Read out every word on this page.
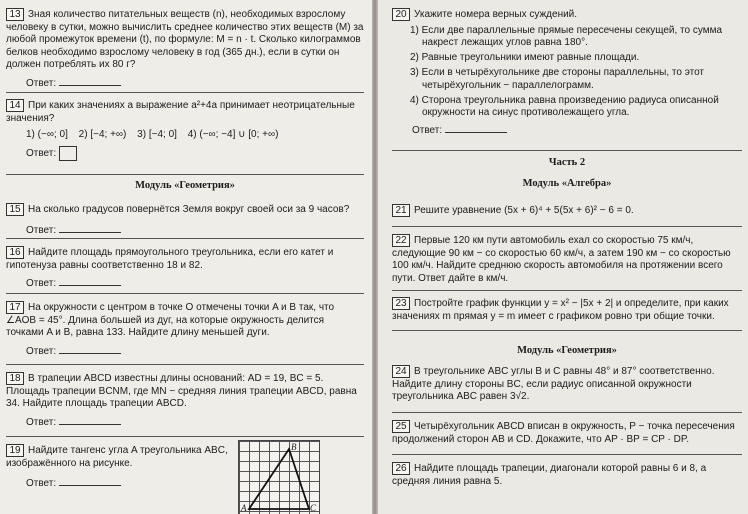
13 Зная количество питательных веществ (n), необходимых взрослому человеку в сутки, можно вычислить среднее количество этих веществ (M) за любой промежуток времени (t), по формуле: M = n · t. Сколько килограммов белков необходимо взрослому человеку в год (365 дн.), если в сутки он должен потреблять их 80 г?
Ответ:
14 При каких значениях a выражение a²+4a принимает неотрицательные значения?
1) (−∞; 0] 2) [−4; +∞) 3) [−4; 0] 4) (−∞; −4] ∪ [0; +∞)
Ответ:
Модуль «Геометрия»
15 На сколько градусов повернётся Земля вокруг своей оси за 9 часов?
Ответ:
16 Найдите площадь прямоугольного треугольника, если его катет и гипотенуза равны соответственно 18 и 82.
Ответ:
17 На окружности с центром в точке O отмечены точки A и B так, что ∠AOB = 45°. Длина большей из дуг, на которые окружность делится точками A и B, равна 133. Найдите длину меньшей дуги.
Ответ:
18 В трапеции ABCD известны длины оснований: AD = 19, BC = 5. Площадь трапеции BCNM, где MN − средняя линия трапеции ABCD, равна 34. Найдите площадь трапеции ABCD.
Ответ:
19 Найдите тангенс угла A треугольника ABC, изображённого на рисунке.
Ответ:
A
B
C
20 Укажите номера верных суждений.
1) Если две параллельные прямые пересечены секущей, то сумма накрест лежащих углов равна 180°.
2) Равные треугольники имеют равные площади.
3) Если в четырёхугольнике две стороны параллельны, то этот четырёхугольник − параллелограмм.
4) Сторона треугольника равна произведению радиуса описанной окружности на синус противолежащего угла.
Ответ:
Часть 2
Модуль «Алгебра»
21 Решите уравнение (5x + 6)⁴ + 5(5x + 6)² − 6 = 0.
22 Первые 120 км пути автомобиль ехал со скоростью 75 км/ч, следующие 90 км − со скоростью 60 км/ч, а затем 190 км − со скоростью 100 км/ч. Найдите среднюю скорость автомобиля на протяжении всего пути. Ответ дайте в км/ч.
23 Постройте график функции y = x² − |5x + 2| и определите, при каких значениях m прямая y = m имеет с графиком ровно три общие точки.
Модуль «Геометрия»
24 В треугольнике ABC углы B и C равны 48° и 87° соответственно. Найдите длину стороны BC, если радиус описанной окружности треугольника ABC равен 3√2.
25 Четырёхугольник ABCD вписан в окружность, P − точка пересечения продолжений сторон AB и CD. Докажите, что AP · BP = CP · DP.
26 Найдите площадь трапеции, диагонали которой равны 6 и 8, а средняя линия равна 5.
